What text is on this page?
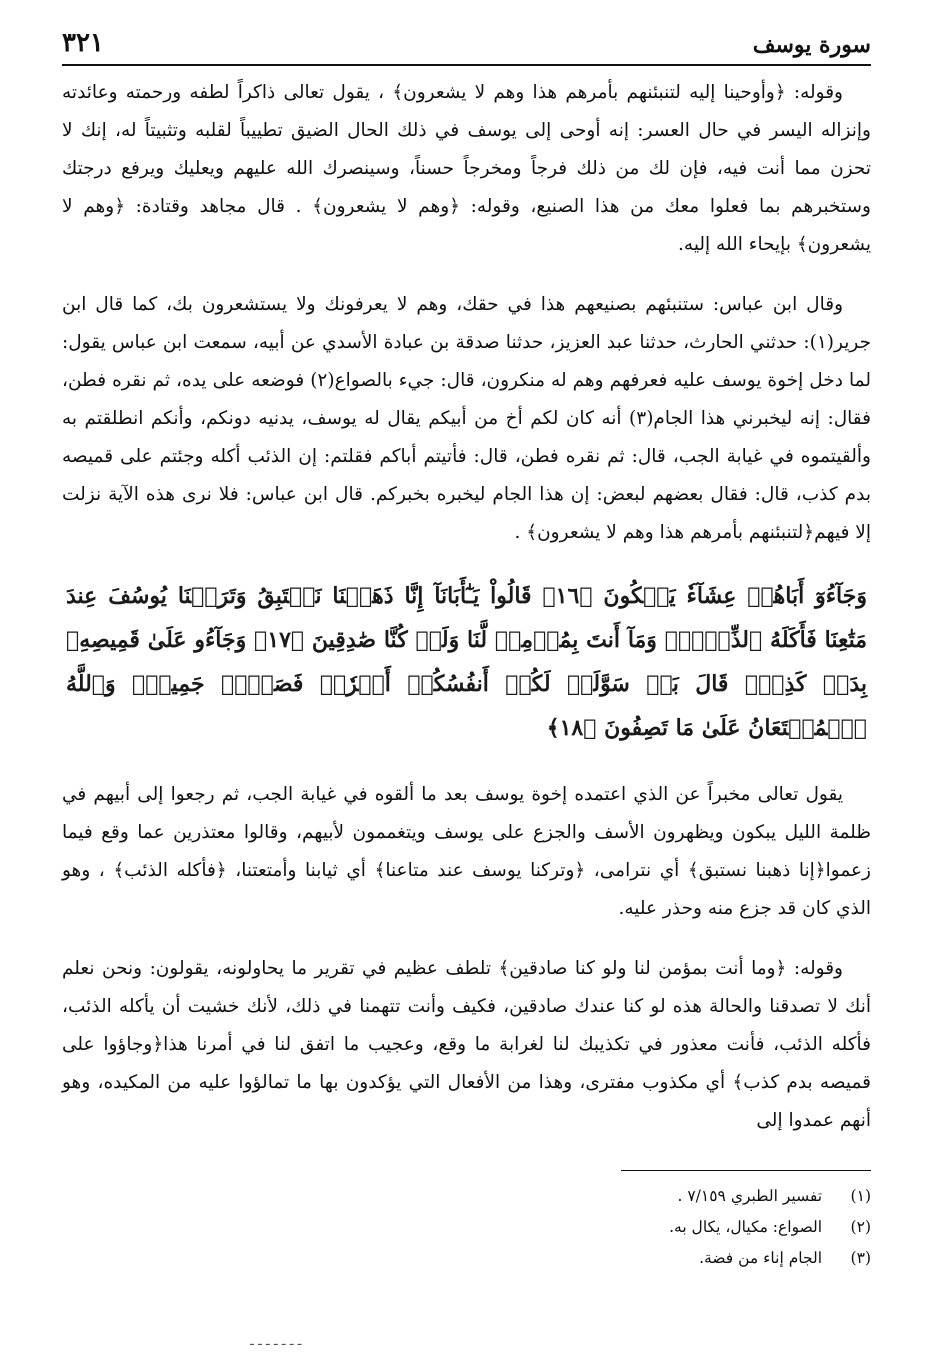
سورة يوسف
٣٢١

وقوله: ﴿وأوحينا إليه لتنبئنهم بأمرهم هذا وهم لا يشعرون﴾ ، يقول تعالى ذاكراً لطفه ورحمته وعائدته وإنزاله اليسر في حال العسر: إنه أوحى إلى يوسف في ذلك الحال الضيق تطييباً لقلبه وتثبيتاً له، إنك لا تحزن مما أنت فيه، فإن لك من ذلك فرجاً ومخرجاً حسناً، وسينصرك الله عليهم ويعليك ويرفع درجتك وستخبرهم بما فعلوا معك من هذا الصنيع، وقوله: ﴿وهم لا يشعرون﴾ . قال مجاهد وقتادة: ﴿وهم لا يشعرون﴾ بإيحاء الله إليه.

وقال ابن عباس: ستنبئهم بصنيعهم هذا في حقك، وهم لا يعرفونك ولا يستشعرون بك، كما قال ابن جرير(١): حدثني الحارث، حدثنا عبد العزيز، حدثنا صدقة بن عبادة الأسدي عن أبيه، سمعت ابن عباس يقول: لما دخل إخوة يوسف عليه فعرفهم وهم له منكرون، قال: جيء بالصواع(٢) فوضعه على يده، ثم نقره فطن، فقال: إنه ليخبرني هذا الجام(٣) أنه كان لكم أخ من أبيكم يقال له يوسف، يدنيه دونكم، وأنكم انطلقتم به وألقيتموه في غيابة الجب، قال: ثم نقره فطن، قال: فأتيتم أباكم فقلتم: إن الذئب أكله وجئتم على قميصه بدم كذب، قال: فقال بعضهم لبعض: إن هذا الجام ليخبره بخبركم. قال ابن عباس: فلا نرى هذه الآية نزلت إلا فيهم﴿لتنبئنهم بأمرهم هذا وهم لا يشعرون﴾ .

وَجَآءُوٓ أَبَاهُمۡ عِشَآءٗ يَبۡكُونَ ﴿١٦﴾ قَالُواْ يَـٰٓأَبَانَآ إِنَّا ذَهَبۡنَا نَسۡتَبِقُ وَتَرَكۡنَا يُوسُفَ عِندَ مَتَٰعِنَا فَأَكَلَهُ ٱلذِّئۡبُۖ وَمَآ أَنتَ بِمُؤۡمِنٖ لَّنَا وَلَوۡ كُنَّا صَٰدِقِينَ ﴿١٧﴾ وَجَآءُو عَلَىٰ قَمِيصِهِۦ بِدَمٖ كَذِبٖۚ قَالَ بَلۡ سَوَّلَتۡ لَكُمۡ أَنفُسُكُمۡ أَمۡرٗاۖ فَصَبۡرٞ جَمِيلٞۖ وَٱللَّهُ ٱلۡمُسۡتَعَانُ عَلَىٰ مَا تَصِفُونَ ﴿١٨﴾

يقول تعالى مخبراً عن الذي اعتمده إخوة يوسف بعد ما ألقوه في غيابة الجب، ثم رجعوا إلى أبيهم في ظلمة الليل يبكون ويظهرون الأسف والجزع على يوسف ويتغممون لأبيهم، وقالوا معتذرين عما وقع فيما زعموا﴿إنا ذهبنا نستبق﴾ أي نترامى، ﴿وتركنا يوسف عند متاعنا﴾ أي ثيابنا وأمتعتنا، ﴿فأكله الذئب﴾ ، وهو الذي كان قد جزع منه وحذر عليه.

وقوله: ﴿وما أنت بمؤمن لنا ولو كنا صادقين﴾ تلطف عظيم في تقرير ما يحاولونه، يقولون: ونحن نعلم أنك لا تصدقنا والحالة هذه لو كنا عندك صادقين، فكيف وأنت تتهمنا في ذلك، لأنك خشيت أن يأكله الذئب، فأكله الذئب، فأنت معذور في تكذيبك لنا لغرابة ما وقع، وعجيب ما اتفق لنا في أمرنا هذا﴿وجاؤوا على قميصه بدم كذب﴾ أي مكذوب مفترى، وهذا من الأفعال التي يؤكدون بها ما تمالؤوا عليه من المكيده، وهو أنهم عمدوا إلى

(١) تفسير الطبري ٧/١٥٩ .
(٢) الصواع: مكيال، يكال به.
(٣) الجام إناء من فضة.
ـ ـ ـ ـ ـ ـ ـ
